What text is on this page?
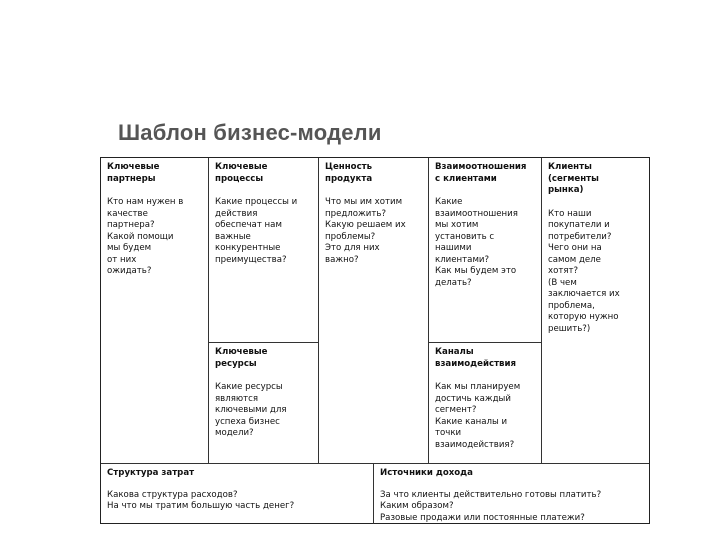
Шаблон бизнес-модели
Ключевые
партнеры
Кто нам нужен в
качестве
партнера?
Какой помощи
мы будем
от них
ожидать?
Ключевые
процессы
Какие процессы и
действия
обеспечат нам
важные
конкурентные
преимущества?
Ключевые
ресурсы
Какие ресурсы
являются
ключевыми для
успеха бизнес
модели?
Ценность
продукта
Что мы им хотим
предложить?
Какую решаем их
проблемы?
Это для них
важно?
Взаимоотношения
с клиентами
Какие
взаимоотношения
мы хотим
установить с
нашими
клиентами?
Как мы будем это
делать?
Каналы
взаимодействия
Как мы планируем
достичь каждый
сегмент?
Какие каналы и
точки
взаимодействия?
Клиенты
(сегменты
рынка)
Кто наши
покупатели и
потребители?
Чего они на
самом деле
хотят?
(В чем
заключается их
проблема,
которую нужно
решить?)
Структура затрат
Какова структура расходов?
На что мы тратим большую часть денег?
Источники дохода
За что клиенты действительно готовы платить?
Каким образом?
Разовые продажи или постоянные платежи?
